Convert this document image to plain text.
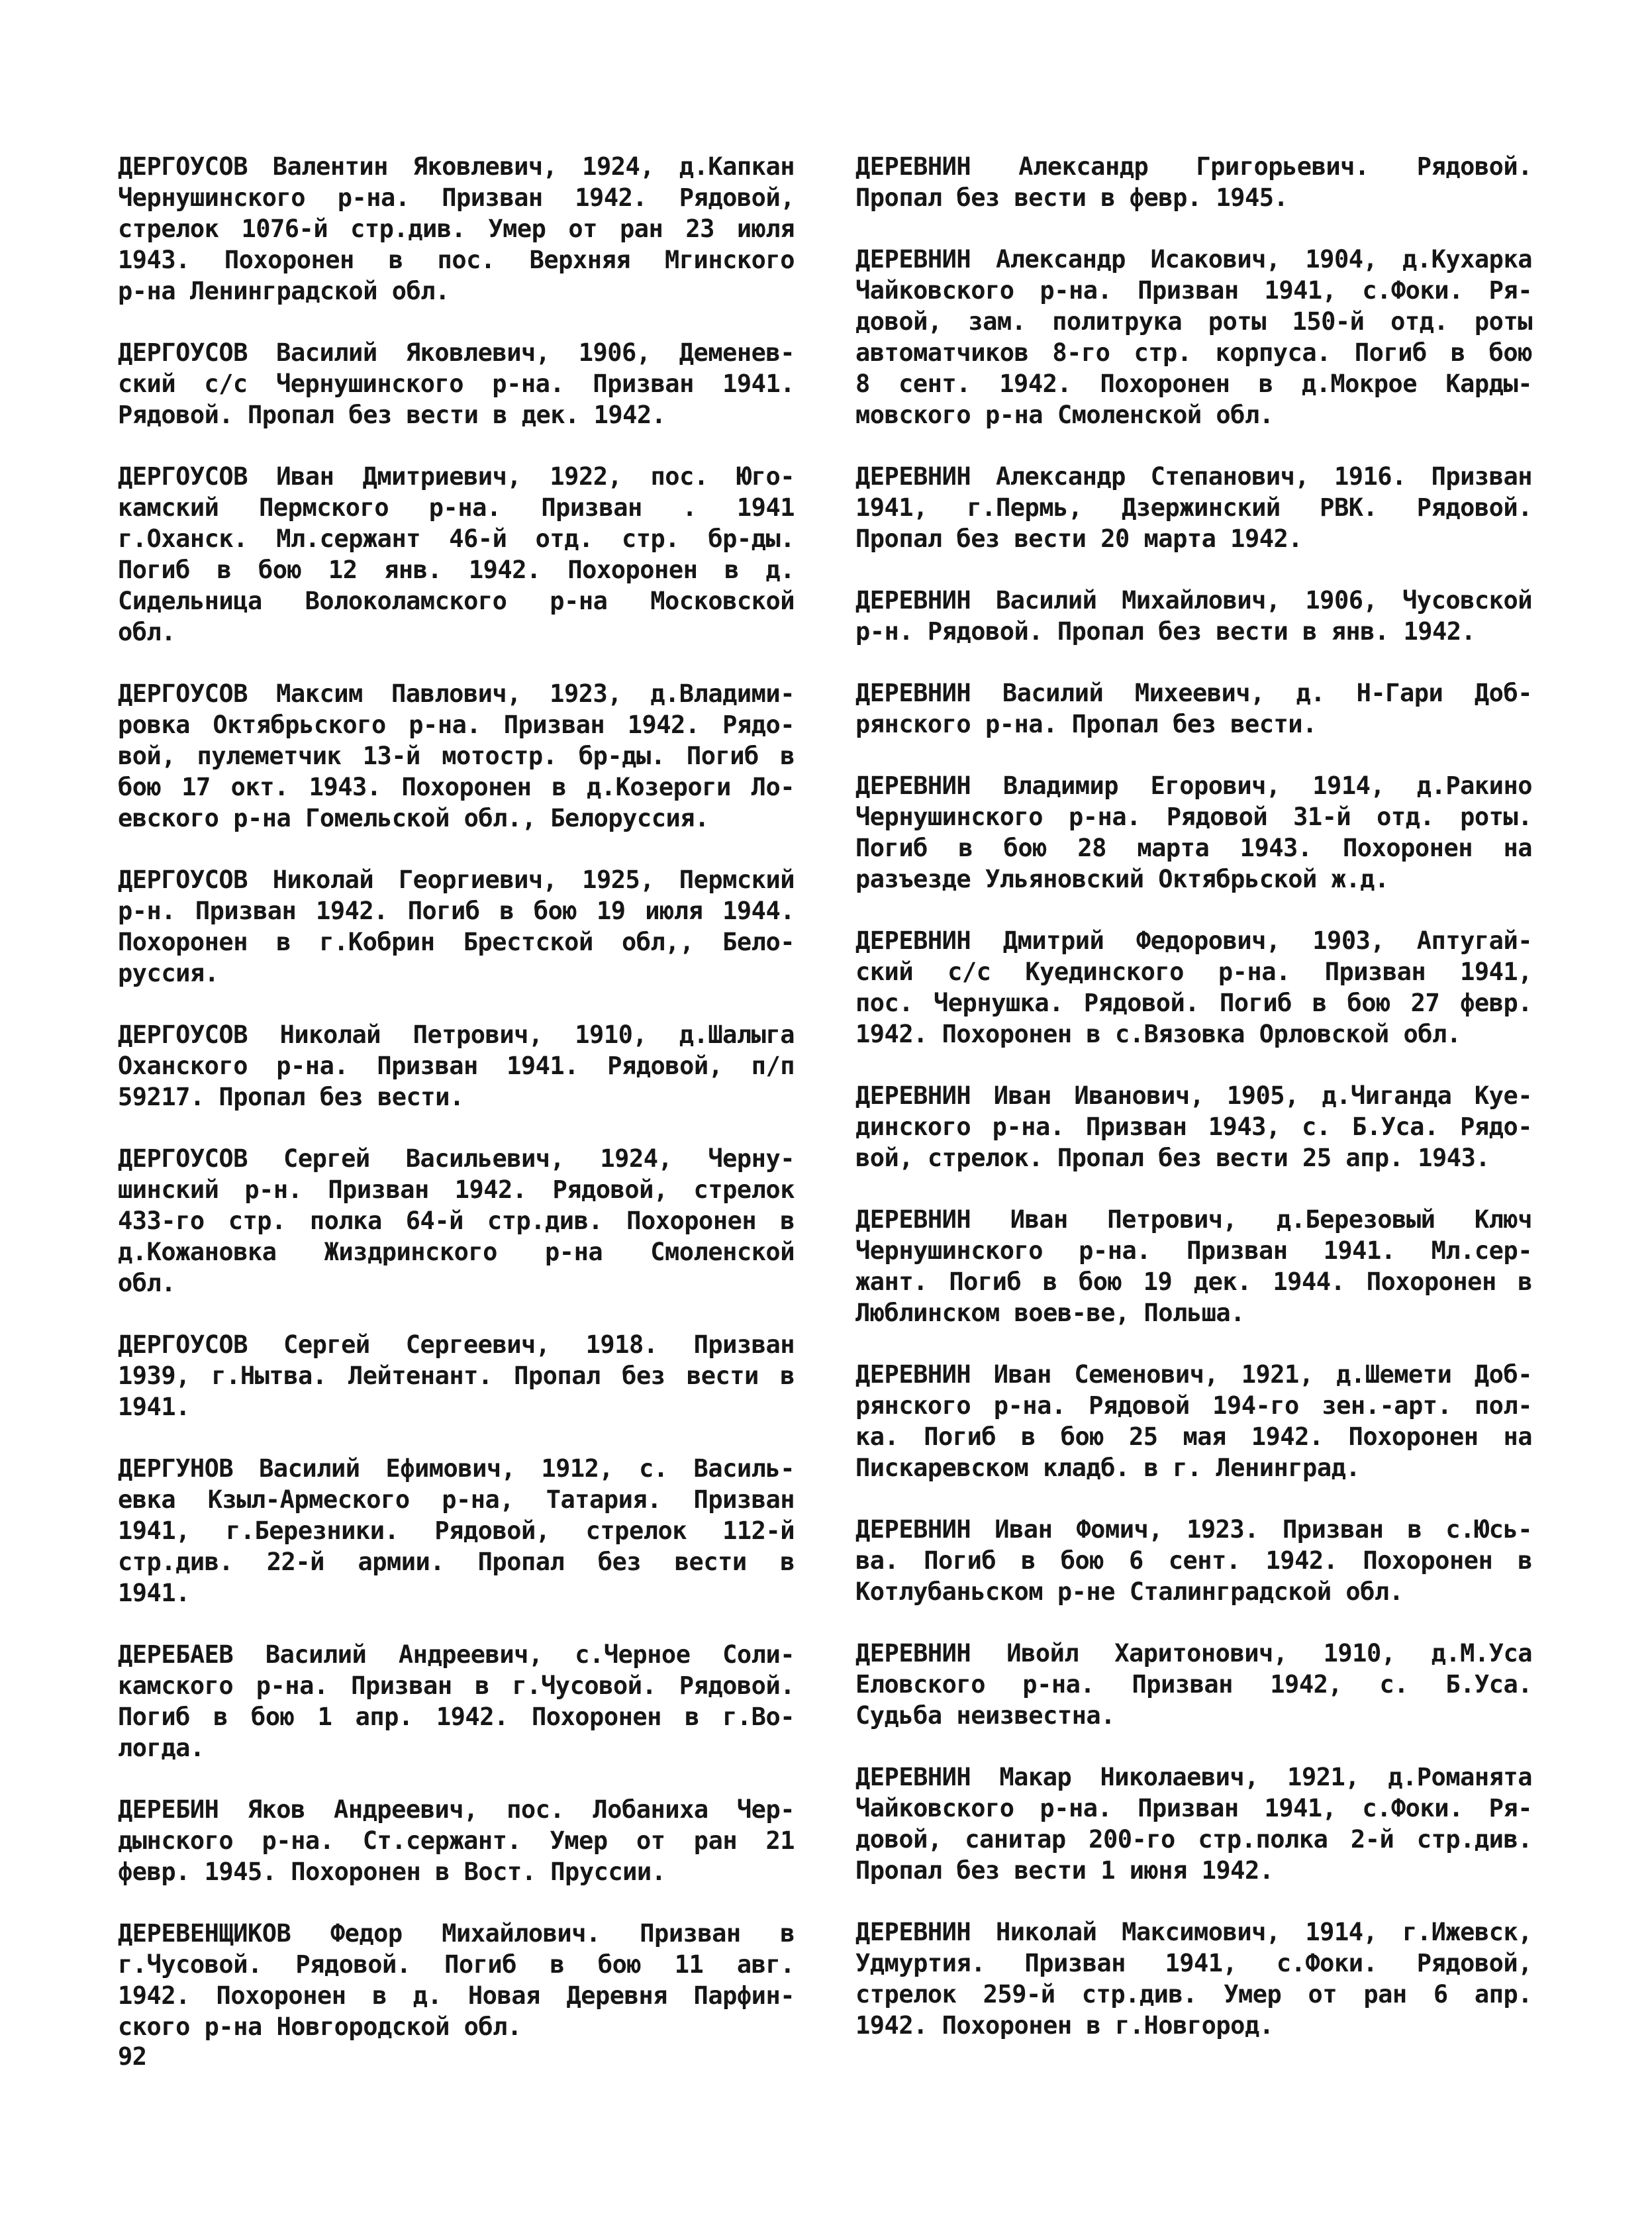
ДЕРГОУСОВ Валентин Яковлевич, 1924, д.Капкан
Чернушинского р-на. Призван 1942. Рядовой,
стрелок 1076-й стр.див. Умер от ран 23 июля
1943. Похоронен в пос. Верхняя Мгинского
р-на Ленинградской обл.
ДЕРГОУСОВ Василий Яковлевич, 1906, Деменев-
ский с/с Чернушинского р-на. Призван 1941.
Рядовой. Пропал без вести в дек. 1942.
ДЕРГОУСОВ Иван Дмитриевич, 1922, пос. Юго-
камский Пермского р-на. Призван . 1941
г.Оханск. Мл.сержант 46-й отд. стр. бр-ды.
Погиб в бою 12 янв. 1942. Похоронен в д.
Сидельница Волоколамского р-на Московской
обл.
ДЕРГОУСОВ Максим Павлович, 1923, д.Владими-
ровка Октябрьского р-на. Призван 1942. Рядо-
вой, пулеметчик 13-й мотостр. бр-ды. Погиб в
бою 17 окт. 1943. Похоронен в д.Козероги Ло-
евского р-на Гомельской обл., Белоруссия.
ДЕРГОУСОВ Николай Георгиевич, 1925, Пермский
р-н. Призван 1942. Погиб в бою 19 июля 1944.
Похоронен в г.Кобрин Брестской обл,, Бело-
руссия.
ДЕРГОУСОВ Николай Петрович, 1910, д.Шалыга
Оханского р-на. Призван 1941. Рядовой, п/п
59217. Пропал без вести.
ДЕРГОУСОВ Сергей Васильевич, 1924, Черну-
шинский р-н. Призван 1942. Рядовой, стрелок
433-го стр. полка 64-й стр.див. Похоронен в
д.Кожановка Жиздринского р-на Смоленской
обл.
ДЕРГОУСОВ Сергей Сергеевич, 1918. Призван
1939, г.Нытва. Лейтенант. Пропал без вести в
1941.
ДЕРГУНОВ Василий Ефимович, 1912, с. Василь-
евка Кзыл-Армеского р-на, Татария. Призван
1941, г.Березники. Рядовой, стрелок 112-й
стр.див. 22-й армии. Пропал без вести в
1941.
ДЕРЕБАЕВ Василий Андреевич, с.Черное Соли-
камского р-на. Призван в г.Чусовой. Рядовой.
Погиб в бою 1 апр. 1942. Похоронен в г.Во-
логда.
ДЕРЕБИН Яков Андреевич, пос. Лобаниха Чер-
дынского р-на. Ст.сержант. Умер от ран 21
февр. 1945. Похоронен в Вост. Пруссии.
ДЕРЕВЕНЩИКОВ Федор Михайлович. Призван в
г.Чусовой. Рядовой. Погиб в бою 11 авг.
1942. Похоронен в д. Новая Деревня Парфин-
ского р-на Новгородской обл.
ДЕРЕВНИН Александр Григорьевич. Рядовой.
Пропал без вести в февр. 1945.
ДЕРЕВНИН Александр Исакович, 1904, д.Кухарка
Чайковского р-на. Призван 1941, с.Фоки. Ря-
довой, зам. политрука роты 150-й отд. роты
автоматчиков 8-го стр. корпуса. Погиб в бою
8 сент. 1942. Похоронен в д.Мокрое Карды-
мовского р-на Смоленской обл.
ДЕРЕВНИН Александр Степанович, 1916. Призван
1941, г.Пермь, Дзержинский РВК. Рядовой.
Пропал без вести 20 марта 1942.
ДЕРЕВНИН Василий Михайлович, 1906, Чусовской
р-н. Рядовой. Пропал без вести в янв. 1942.
ДЕРЕВНИН Василий Михеевич, д. Н-Гари Доб-
рянского р-на. Пропал без вести.
ДЕРЕВНИН Владимир Егорович, 1914, д.Ракино
Чернушинского р-на. Рядовой 31-й отд. роты.
Погиб в бою 28 марта 1943. Похоронен на
разъезде Ульяновский Октябрьской ж.д.
ДЕРЕВНИН Дмитрий Федорович, 1903, Аптугай-
ский с/с Куединского р-на. Призван 1941,
пос. Чернушка. Рядовой. Погиб в бою 27 февр.
1942. Похоронен в с.Вязовка Орловской обл.
ДЕРЕВНИН Иван Иванович, 1905, д.Чиганда Куе-
динского р-на. Призван 1943, с. Б.Уса. Рядо-
вой, стрелок. Пропал без вести 25 апр. 1943.
ДЕРЕВНИН Иван Петрович, д.Березовый Ключ
Чернушинского р-на. Призван 1941. Мл.сер-
жант. Погиб в бою 19 дек. 1944. Похоронен в
Люблинском воев-ве, Польша.
ДЕРЕВНИН Иван Семенович, 1921, д.Шемети Доб-
рянского р-на. Рядовой 194-го зен.-арт. пол-
ка. Погиб в бою 25 мая 1942. Похоронен на
Пискаревском кладб. в г. Ленинград.
ДЕРЕВНИН Иван Фомич, 1923. Призван в с.Юсь-
ва. Погиб в бою 6 сент. 1942. Похоронен в
Котлубаньском р-не Сталинградской обл.
ДЕРЕВНИН Ивойл Харитонович, 1910, д.М.Уса
Еловского р-на. Призван 1942, с. Б.Уса.
Судьба неизвестна.
ДЕРЕВНИН Макар Николаевич, 1921, д.Романята
Чайковского р-на. Призван 1941, с.Фоки. Ря-
довой, санитар 200-го стр.полка 2-й стр.див.
Пропал без вести 1 июня 1942.
ДЕРЕВНИН Николай Максимович, 1914, г.Ижевск,
Удмуртия. Призван 1941, с.Фоки. Рядовой,
стрелок 259-й стр.див. Умер от ран 6 апр.
1942. Похоронен в г.Новгород.
92
